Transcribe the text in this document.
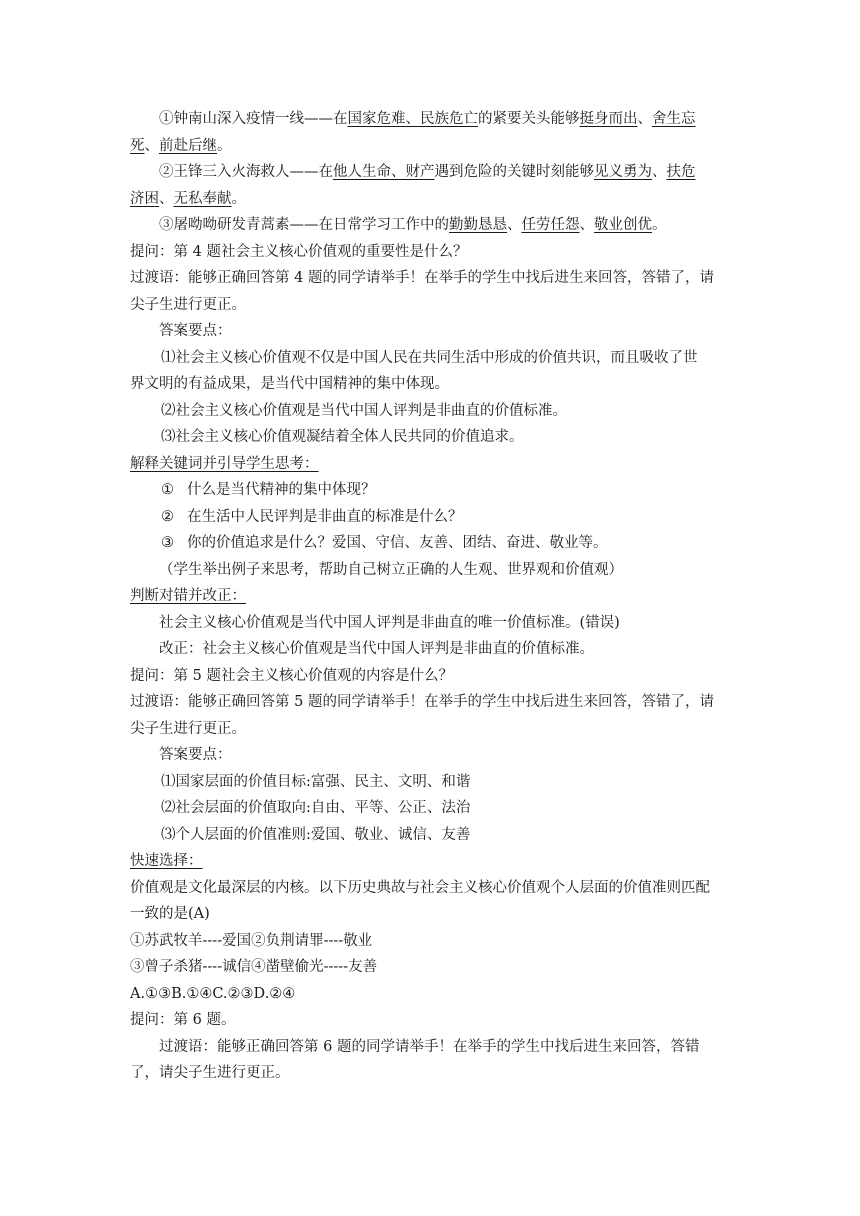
①钟南山深入疫情一线——在国家危难、民族危亡的紧要关头能够挺身而出、舍生忘
死、前赴后继。

②王锋三入火海救人——在他人生命、财产遇到危险的关键时刻能够见义勇为、扶危
济困、无私奉献。

③屠呦呦研发青蒿素——在日常学习工作中的勤勤恳恳、任劳任怨、敬业创优。

提问：第 4 题社会主义核心价值观的重要性是什么？

过渡语：能够正确回答第 4 题的同学请举手！在举手的学生中找后进生来回答，答错了，请
尖子生进行更正。

答案要点：

⑴社会主义核心价值观不仅是中国人民在共同生活中形成的价值共识，而且吸收了世

界文明的有益成果，是当代中国精神的集中体现。

⑵社会主义核心价值观是当代中国人评判是非曲直的价值标准。

⑶社会主义核心价值观凝结着全体人民共同的价值追求。

解释关键词并引导学生思考：

① 什么是当代精神的集中体现？

② 在生活中人民评判是非曲直的标准是什么？

③ 你的价值追求是什么？爱国、守信、友善、团结、奋进、敬业等。

（学生举出例子来思考，帮助自己树立正确的人生观、世界观和价值观）

判断对错并改正：

社会主义核心价值观是当代中国人评判是非曲直的唯一价值标准。(错误)

改正：社会主义核心价值观是当代中国人评判是非曲直的价值标准。

提问：第 5 题社会主义核心价值观的内容是什么？

过渡语：能够正确回答第 5 题的同学请举手！在举手的学生中找后进生来回答，答错了，请
尖子生进行更正。

答案要点：

⑴国家层面的价值目标:富强、民主、文明、和谐

⑵社会层面的价值取向:自由、平等、公正、法治

⑶个人层面的价值准则:爱国、敬业、诚信、友善

快速选择：

价值观是文化最深层的内核。以下历史典故与社会主义核心价值观个人层面的价值准则匹配
一致的是(A)

①苏武牧羊----爱国②负荆请罪----敬业

③曾子杀猪----诚信④凿壁偷光-----友善

A.①③B.①④C.②③D.②④

提问：第 6 题。

过渡语：能够正确回答第 6 题的同学请举手！在举手的学生中找后进生来回答，答错
了，请尖子生进行更正。
